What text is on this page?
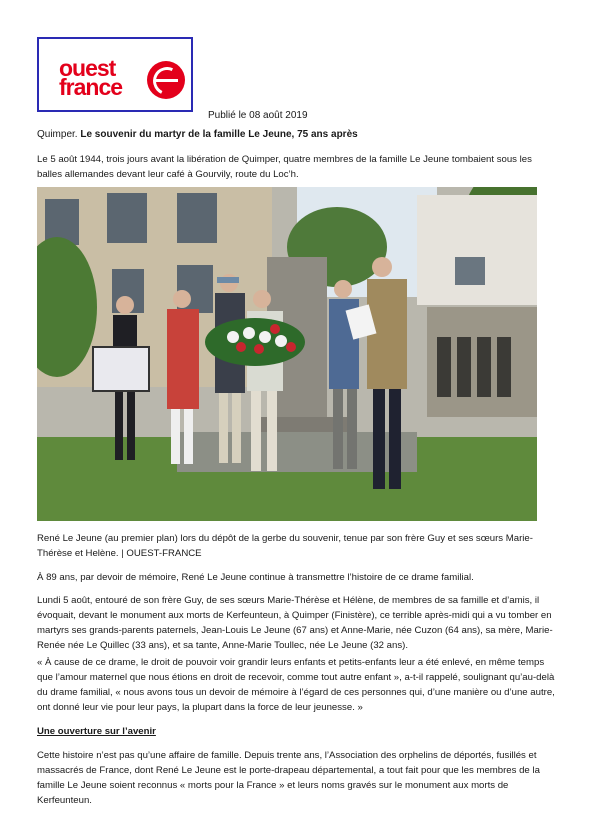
ouest
france
Publié le 08 août 2019
Quimper. Le souvenir du martyr de la famille Le Jeune, 75 ans après

Le 5 août 1944, trois jours avant la libération de Quimper, quatre membres de la famille Le Jeune tombaient sous les balles allemandes devant leur café à Gourvily, route du Loc’h.

René Le Jeune (au premier plan) lors du dépôt de la gerbe du souvenir, tenue par son frère Guy et ses sœurs Marie-Thérèse et Helène. | OUEST-FRANCE

À 89 ans, par devoir de mémoire, René Le Jeune continue à transmettre l’histoire de ce drame familial.

Lundi 5 août, entouré de son frère Guy, de ses sœurs Marie-Thérèse et Hélène, de membres de sa famille et d’amis, il évoquait, devant le monument aux morts de Kerfeunteun, à Quimper (Finistère), ce terrible après-midi qui a vu tomber en martyrs ses grands-parents paternels, Jean-Louis Le Jeune (67 ans) et Anne-Marie, née Cuzon (64 ans), sa mère, Marie-Renée née Le Quillec (33 ans), et sa tante, Anne-Marie Toullec, née Le Jeune (32 ans).

« À cause de ce drame, le droit de pouvoir voir grandir leurs enfants et petits-enfants leur a été enlevé, en même temps que l’amour maternel que nous étions en droit de recevoir, comme tout autre enfant », a-t-il rappelé, soulignant qu’au-delà du drame familial, « nous avons tous un devoir de mémoire à l’égard de ces personnes qui, d’une manière ou d’une autre, ont donné leur vie pour leur pays, la plupart dans la force de leur jeunesse. »

Une ouverture sur l’avenir

Cette histoire n’est pas qu’une affaire de famille. Depuis trente ans, l’Association des orphelins de déportés, fusillés et massacrés de France, dont René Le Jeune est le porte-drapeau départemental, a tout fait pour que les membres de la famille Le Jeune soient reconnus « morts pour la France » et leurs noms gravés sur le monument aux morts de Kerfeunteun.
